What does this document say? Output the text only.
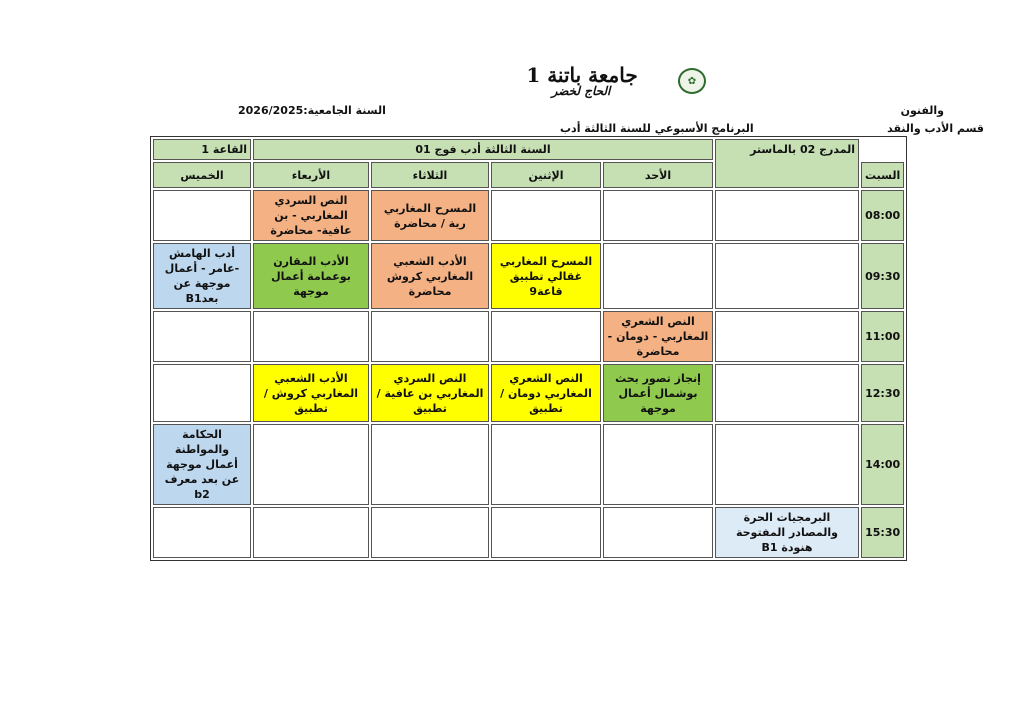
✿
جامعة باتنة 1
الحاج لخضر
والفنون
قسم الأدب والنقد
السنة الجامعية:2026/2025
البرنامج الأسبوعي للسنة الثالثة أدب
القاعة 1	السنة الثالثة أدب فوج 01				المدرج 02 بالماستر	
الخميس	الأربعاء	الثلاثاء	الإثنين	الأحد		السبت
	النص السردي المغاربي - بن عافية- محاضرة	المسرح المغاربي رية / محاضرة				08:00
أدب الهامش -عامر - أعمال موجهة عن بعدB1	الأدب المقارن بوعمامة أعمال موجهة	الأدب الشعبي المغاربي كروش محاضرة	المسرح المغاربي غقالي تطبيق قاعة9			09:30
				النص الشعري المغاربي - دومان - محاضرة		11:00
	الأدب الشعبي المغاربي كروش / تطبيق	النص السردي المغاربي بن عافية / تطبيق	النص الشعري المغاربي دومان / تطبيق	إنجاز تصور بحث بوشمال أعمال موجهة		12:30
الحكامة والمواطنة أعمال موجهة عن بعد معرف b2						14:00
					البرمجيات الحرة والمصادر المفتوحة هنودة B1	15:30
